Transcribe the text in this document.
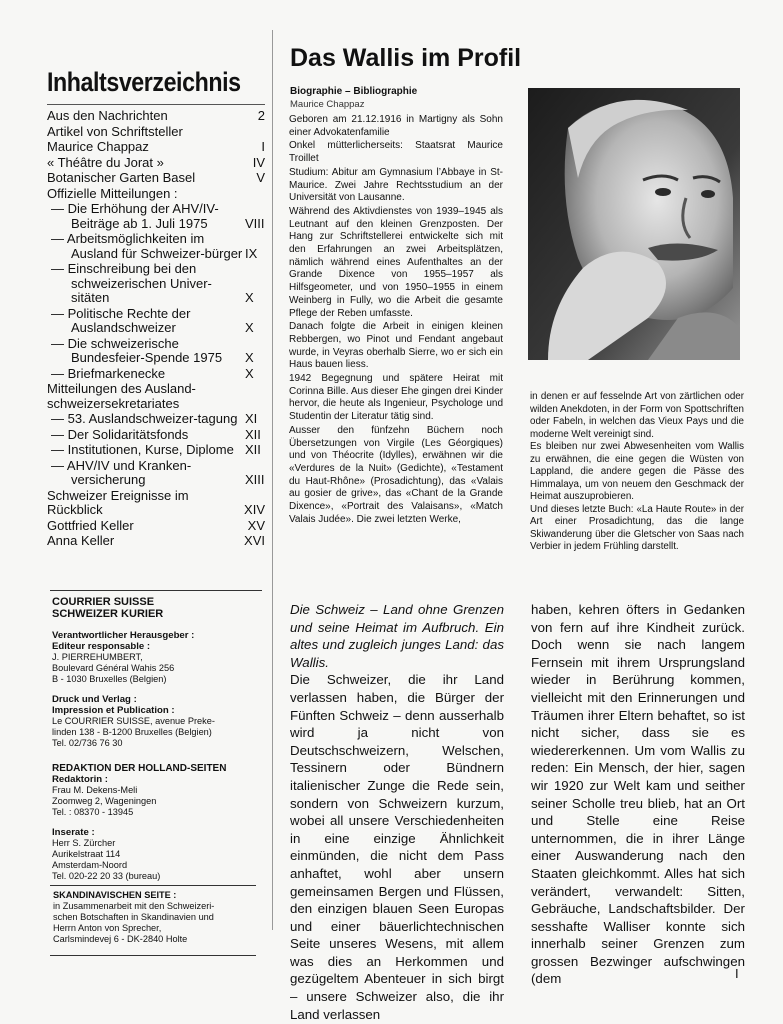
Inhaltsverzeichnis
Aus den Nachrichten	2
Artikel von Schriftsteller
Maurice Chappaz	I
« Théâtre du Jorat »	IV
Botanischer Garten Basel	V
Offizielle Mitteilungen :
— Die Erhöhung der AHV/IV-Beiträge ab 1. Juli 1975	VIII
— Arbeitsmöglichkeiten im Ausland für Schweizer-bürger IX
— Einschreibung bei den schweizerischen Univer-sitäten	X
— Politische Rechte der Auslandschweizer	X
— Die schweizerische Bundesfeier-Spende 1975 X
— Briefmarkenecke	X
Mitteilungen des Ausland-schweizersekretariates
— 53. Auslandschweizer-tagung XI
— Der Solidaritätsfonds	XII
— Institutionen, Kurse, Diplome XII
— AHV/IV und Kranken-versicherung	XIII
Schweizer Ereignisse im Rückblick	XIV
Gottfried Keller	XV
Anna Keller	XVI
COURRIER SUISSE
SCHWEIZER KURIER
Verantwortlicher Herausgeber :
Editeur responsable :
J. PIERREHUMBERT,
Boulevard Général Wahis 256
B - 1030 Bruxelles (Belgien)
Druck und Verlag :
Impression et Publication :
Le COURRIER SUISSE, avenue Preke-
linden 138 - B-1200 Bruxelles (Belgien)
Tel. 02/736 76 30
REDAKTION DER HOLLAND-SEITEN
Redaktorin :
Frau M. Dekens-Meli
Zoomweg 2, Wageningen
Tel. : 08370 - 13945
Inserate :
Herr S. Zürcher
Aurikelstraat 114
Amsterdam-Noord
Tel. 020-22 20 33 (bureau)
SKANDINAVISCHEN SEITE :
in Zusammenarbeit mit den Schweizeri-
schen Botschaften in Skandinavien und
Herrn Anton von Sprecher,
Carlsmindevej 6 - DK-2840 Holte
Das Wallis im Profil
Biographie – Bibliographie
Maurice Chappaz

Geboren am 21.12.1916 in Martigny als Sohn einer Advokatenfamilie

Onkel mütterlicherseits: Staatsrat Maurice Troillet

Studium: Abitur am Gymnasium l’Abbaye in St-Maurice. Zwei Jahre Rechtsstudium an der Universität von Lausanne.

Während des Aktivdienstes von 1939–1945 als Leutnant auf den kleinen Grenzposten. Der Hang zur Schriftstellerei entwickelte sich mit den Erfahrungen an zwei Arbeitsplätzen, nämlich während eines Aufenthaltes an der Grande Dixence von 1955–1957 als Hilfsgeometer, und von 1950–1955 in einem Weinberg in Fully, wo die Arbeit die gesamte Pflege der Reben umfasste.

Danach folgte die Arbeit in einigen kleinen Rebbergen, wo Pinot und Fendant angebaut wurde, in Veyras oberhalb Sierre, wo er sich ein Haus bauen liess.

1942 Begegnung und spätere Heirat mit Corinna Bille. Aus dieser Ehe gingen drei Kinder hervor, die heute als Ingenieur, Psychologe und Studentin der Literatur tätig sind.

Ausser den fünfzehn Büchern noch Übersetzungen von Virgile (Les Géorgiques) und von Théocrite (Idylles), erwähnen wir die «Verdures de la Nuit» (Gedichte), «Testament du Haut-Rhône» (Prosadichtung), das «Valais au gosier de grive», das «Chant de la Grande Dixence», «Portrait des Valaisans», «Match Valais Judée». Die zwei letzten Werke,

in denen er auf fesselnde Art von zärtlichen oder wilden Anekdoten, in der Form von Spottschriften oder Fabeln, in welchen das Vieux Pays und die moderne Welt vereinigt sind.

Es bleiben nur zwei Abwesenheiten vom Wallis zu erwähnen, die eine gegen die Wüsten von Lappland, die andere gegen die Pässe des Himmalaya, um von neuem den Geschmack der Heimat auszuprobieren.

Und dieses letzte Buch: «La Haute Route» in der Art einer Prosadichtung, das die lange Skiwanderung über die Gletscher von Saas nach Verbier in jedem Frühling darstellt.

Die Schweiz – Land ohne Grenzen und seine Heimat im Aufbruch. Ein altes und zugleich junges Land: das Wallis.

Die Schweizer, die ihr Land verlassen haben, die Bürger der Fünften Schweiz – denn ausserhalb wird ja nicht von Deutschschweizern, Welschen, Tessinern oder Bündnern italienischer Zunge die Rede sein, sondern von Schweizern kurzum, wobei all unsere Verschiedenheiten in eine einzige Ähnlichkeit einmünden, die nicht dem Pass anhaftet, wohl aber unsern gemeinsamen Bergen und Flüssen, den einzigen blauen Seen Europas und einer bäuerlichtechnischen Seite unseres Wesens, mit allem was dies an Herkommen und gezügeltem Abenteuer in sich birgt – unsere Schweizer also, die ihr Land verlassen

haben, kehren öfters in Gedanken von fern auf ihre Kindheit zurück. Doch wenn sie nach langem Fernsein mit ihrem Ursprungsland wieder in Berührung kommen, vielleicht mit den Erinnerungen und Träumen ihrer Eltern behaftet, so ist nicht sicher, dass sie es wiedererkennen. Um vom Wallis zu reden: Ein Mensch, der hier, sagen wir 1920 zur Welt kam und seither seiner Scholle treu blieb, hat an Ort und Stelle eine Reise unternommen, die in ihrer Länge einer Auswanderung nach den Staaten gleichkommt. Alles hat sich verändert, verwandelt: Sitten, Gebräuche, Landschaftsbilder. Der sesshafte Walliser konnte sich innerhalb seiner Grenzen zum grossen Bezwinger aufschwingen (dem	I
